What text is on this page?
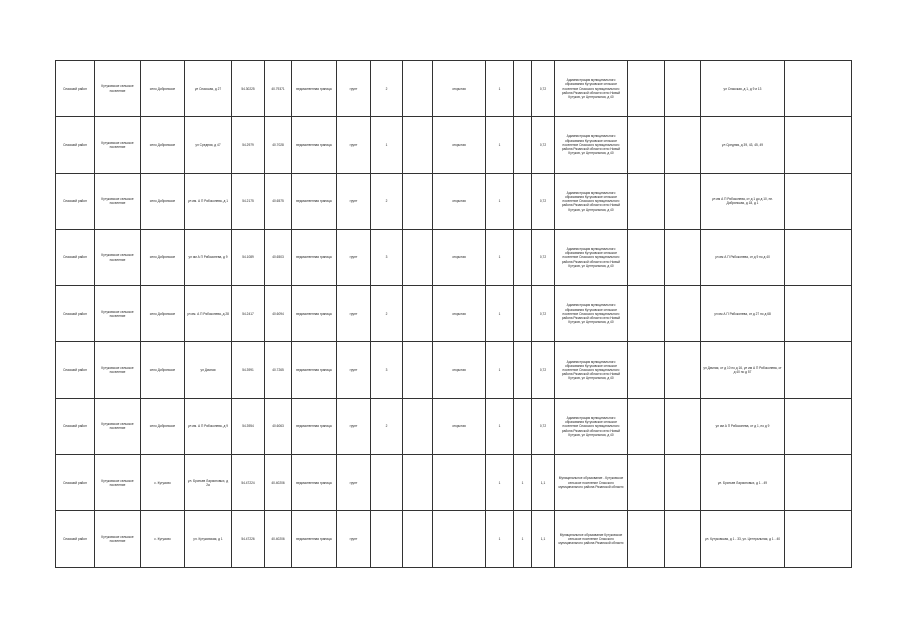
Спасский район	Кутуковское сельское поселение	село Добрянское	ул Спасская, д 27	54.30225	40.79371	ведомственная граница	грунт	2		открытая	1		0,72	Администрация муниципального образования Кутуковское сельское поселение Спасского муниципального района Рязанской области село Новый Кутуков, ул Центральная, д 40			ул Спасская, д 1, д 9 и 13	
Спасский район	Кутуковское сельское поселение	село Добрянское	ул Средняя, д 47	54.2979	40.7028	ведомственная граница	грунт	1		открытая	1		0,72	Администрация муниципального образования Кутуковское сельское поселение Спасского муниципального района Рязанской области село Новый Кутуков, ул Центральная, д 40			ул Средняя, д 39, 43, 45, 49	
Спасский район	Кутуковское сельское поселение	село Добрянское	ул им. А П Рябоконева, д 1	54.2175	40.6575	ведомственная граница	грунт	2		открытая	1		0,72	Администрация муниципального образования Кутуковское сельское поселение Спасского муниципального района Рязанской области село Новый Кутуков, ул Центральная, д 40			ул им А П Рябоконева, от д 1 до д 10, пл. Добрянская, д 18, д 1	
Спасский район	Кутуковское сельское поселение	село Добрянское	ул им А П Рябоконева, д 9	54.1089	40.6503	ведомственная граница	грунт	3		открытая	1		0,72	Администрация муниципального образования Кутуковское сельское поселение Спасского муниципального района Рязанской области село Новый Кутуков, ул Центральная, д 40			ул им А П Рябоконева, от д 9 по д 40	
Спасский район	Кутуковское сельское поселение	село Добрянское	ул им. А П Рябоконева, д 28	54.2417	40.6094	ведомственная граница	грунт	2		открытая	1		0,72	Администрация муниципального образования Кутуковское сельское поселение Спасского муниципального района Рязанской области село Новый Кутуков, ул Центральная, д 40			ул им А П Рябоконева, от д 27 по д 68	
Спасский район	Кутуковское сельское поселение	село Добрянское	ул Дачная	54.3991	40.7265	ведомственная граница	грунт	3		открытая	1		0,72	Администрация муниципального образования Кутуковское сельское поселение Спасского муниципального района Рязанской области село Новый Кутуков, ул Центральная, д 40			ул Дачная, от д 10 по д 16, ул им А П Рябоконева, от д 40 по д 57	
Спасский район	Кутуковское сельское поселение	село Добрянское	ул им. А П Рябоконева, д 9	54.3954	40.6063	ведомственная граница	грунт	2		открытая	1		0,72	Администрация муниципального образования Кутуковское сельское поселение Спасского муниципального района Рязанской области село Новый Кутуков, ул Центральная, д 40			ул им А П Рябоконева, от д 1, по д 9	
Спасский район	Кутуковское сельское поселение	с. Кутуково	ул. Братьев Ларионовых, д 2а	54.47224	40.40206	ведомственная граница	грунт				1	1	1,1	Муниципальное образование - Кутуковское сельское поселение Спасского муниципального района Рязанской области			ул. Братьев Ларионовых, д 1 - 49	
Спасский район	Кутуковское сельское поселение	с. Кутуково	ул. Кутуковская, д 1	54.47226	40.40206	ведомственная граница	грунт				1	1	1,1	Муниципальное образование Кутуковское сельское поселение Спасского муниципального района Рязанской области			ул. Кутуковская, д 1 - 33, ул. Центральная, д 1 - 40	
